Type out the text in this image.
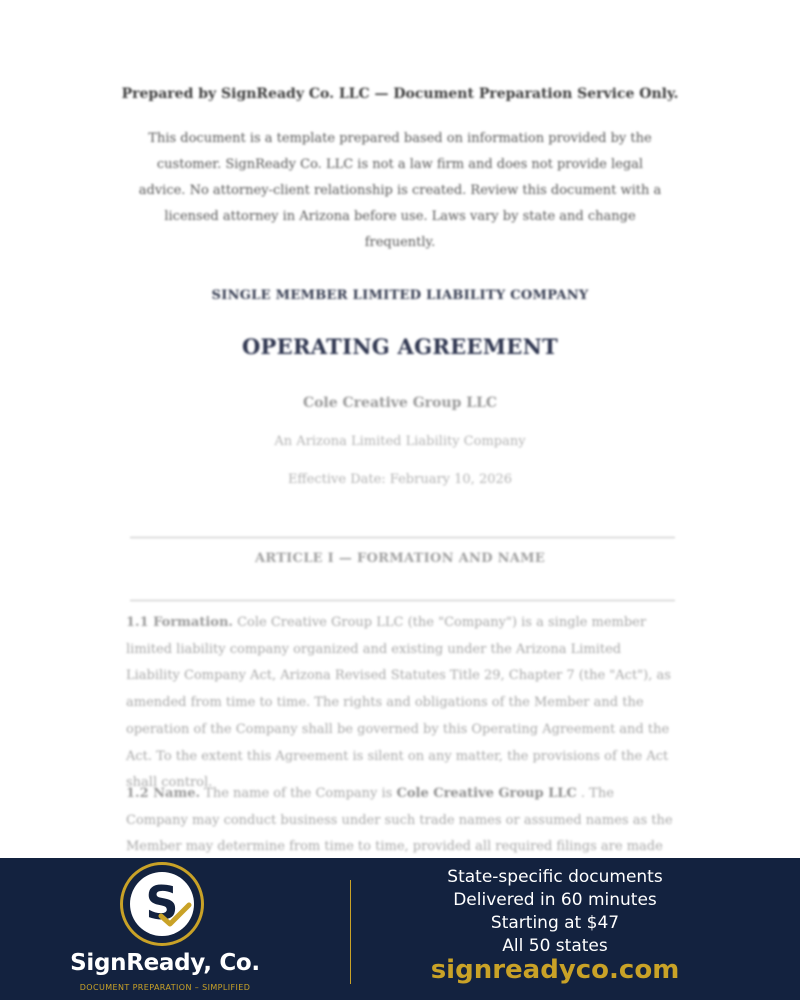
Prepared by SignReady Co. LLC — Document Preparation Service Only.
This document is a template prepared based on information provided by the customer. SignReady Co. LLC is not a law firm and does not provide legal advice. No attorney-client relationship is created. Review this document with a licensed attorney in Arizona before use. Laws vary by state and change frequently.
SINGLE MEMBER LIMITED LIABILITY COMPANY
OPERATING AGREEMENT
Cole Creative Group LLC
An Arizona Limited Liability Company
Effective Date: February 10, 2026
ARTICLE I — FORMATION AND NAME

1.1 Formation. Cole Creative Group LLC (the "Company") is a single member limited liability company organized and existing under the Arizona Limited Liability Company Act, Arizona Revised Statutes Title 29, Chapter 7 (the "Act"), as amended from time to time. The rights and obligations of the Member and the operation of the Company shall be governed by this Operating Agreement and the Act. To the extent this Agreement is silent on any matter, the provisions of the Act shall control.

1.2 Name. The name of the Company is Cole Creative Group LLC . The Company may conduct business under such trade names or assumed names as the Member may determine from time to time, provided all required filings are made

S
SignReady, Co.
DOCUMENT PREPARATION – SIMPLIFIED
State-specific documents
Delivered in 60 minutes
Starting at $47
All 50 states
signreadyco.com
